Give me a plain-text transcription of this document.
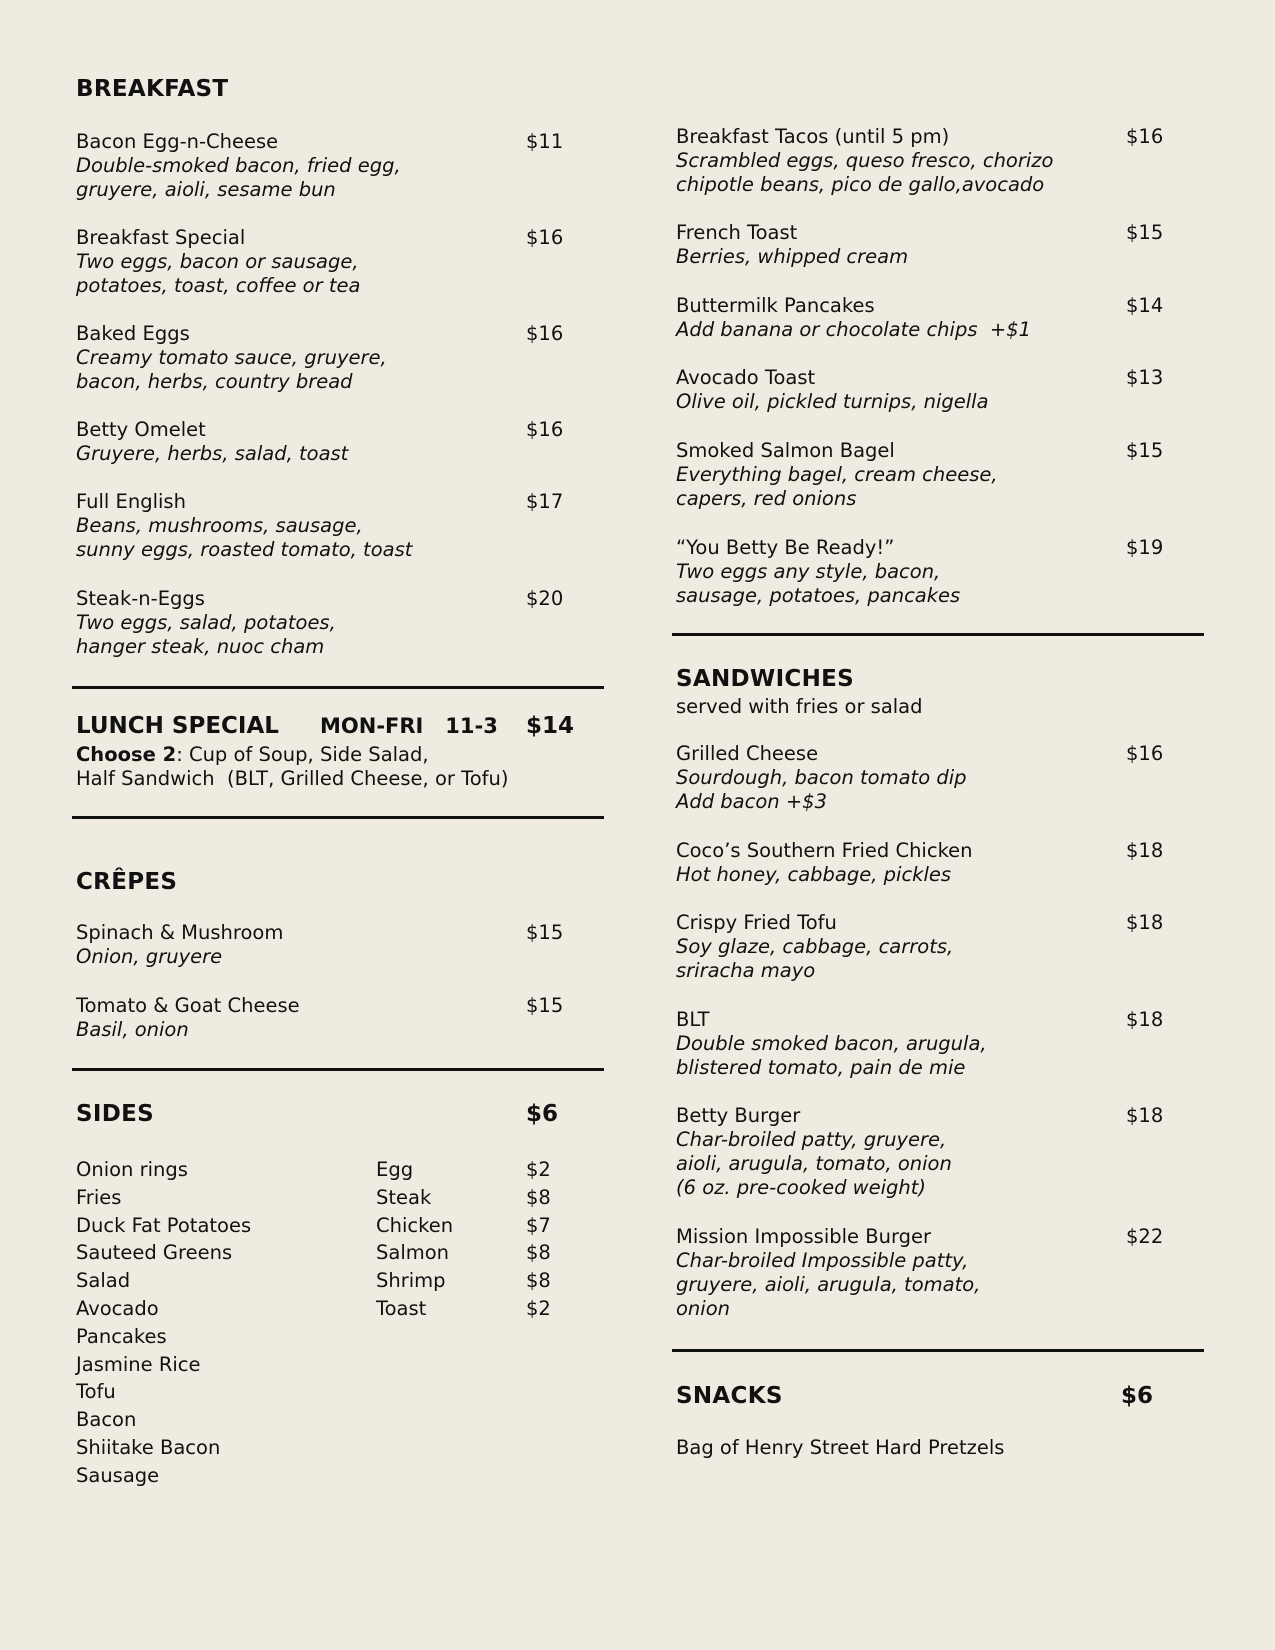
BREAKFAST
Bacon Egg-n-Cheese
Double-smoked bacon, fried egg,
gruyere, aioli, sesame bun
$11
Breakfast Special
Two eggs, bacon or sausage,
potatoes, toast, coffee or tea
$16
Baked Eggs
Creamy tomato sauce, gruyere,
bacon, herbs, country bread
$16
Betty Omelet
Gruyere, herbs, salad, toast
$16
Full English
Beans, mushrooms, sausage,
sunny eggs, roasted tomato, toast
$17
Steak-n-Eggs
Two eggs, salad, potatoes,
hanger steak, nuoc cham
$20
LUNCH SPECIAL MON-FRI   11-3 $14
Choose 2: Cup of Soup, Side Salad,
Half Sandwich  (BLT, Grilled Cheese, or Tofu)
CRÊPES
Spinach & Mushroom
Onion, gruyere
$15
Tomato & Goat Cheese
Basil, onion
$15
SIDES	$6
Onion rings
Fries
Duck Fat Potatoes
Sauteed Greens
Salad
Avocado
Pancakes
Jasmine Rice
Tofu
Bacon
Shiitake Bacon
Sausage
Egg
Steak
Chicken
Salmon
Shrimp
Toast
$2
$8
$7
$8
$8
$2
Breakfast Tacos (until 5 pm)
Scrambled eggs, queso fresco, chorizo
chipotle beans, pico de gallo,avocado
$16
French Toast
Berries, whipped cream
$15
Buttermilk Pancakes
Add banana or chocolate chips  +$1
$14
Avocado Toast
Olive oil, pickled turnips, nigella
$13
Smoked Salmon Bagel
Everything bagel, cream cheese,
capers, red onions
$15
“You Betty Be Ready!”
Two eggs any style, bacon,
sausage, potatoes, pancakes
$19
SANDWICHES
served with fries or salad
Grilled Cheese
Sourdough, bacon tomato dip
Add bacon +$3
$16
Coco’s Southern Fried Chicken
Hot honey, cabbage, pickles
$18
Crispy Fried Tofu
Soy glaze, cabbage, carrots,
sriracha mayo
$18
BLT
Double smoked bacon, arugula,
blistered tomato, pain de mie
$18
Betty Burger
Char-broiled patty, gruyere,
aioli, arugula, tomato, onion
(6 oz. pre-cooked weight)
$18
Mission Impossible Burger
Char-broiled Impossible patty,
gruyere, aioli, arugula, tomato,
onion
$22
SNACKS	$6
Bag of Henry Street Hard Pretzels
